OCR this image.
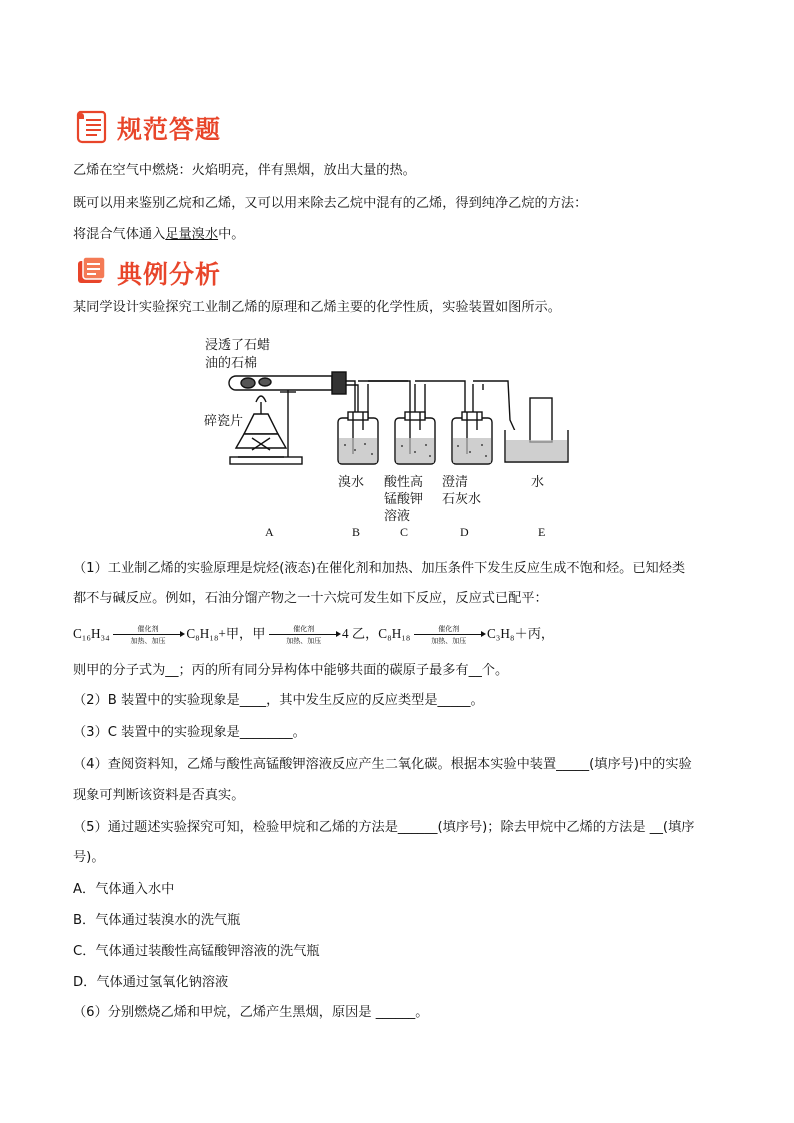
规范答题
乙烯在空气中燃烧：火焰明亮，伴有黑烟，放出大量的热。
既可以用来鉴别乙烷和乙烯，又可以用来除去乙烷中混有的乙烯，得到纯净乙烷的方法：
将混合气体通入足量溴水中。
典例分析
某同学设计实验探究工业制乙烯的原理和乙烯主要的化学性质，实验装置如图所示。
浸透了石蜡
油的石棉
碎瓷片
溴水 酸性高
锰酸钾
溶液
澄清
石灰水
水
A	B	C	D	E
（1）工业制乙烯的实验原理是烷烃(液态)在催化剂和加热、加压条件下发生反应生成不饱和烃。已知烃类
都不与碱反应。例如，石油分馏产物之一十六烷可发生如下反应，反应式已配平：
C₁₆H₃₄	催化剂
加热、加压	C₈H₁₈+甲，甲	催化剂
加热、加压	4 乙，C₈H₁₈	催化剂
加热、加压	C₃H₈＋丙，
则甲的分子式为__；丙的所有同分异构体中能够共面的碳原子最多有__个。
（2）B 装置中的实验现象是____，其中发生反应的反应类型是_____。
（3）C 装置中的实验现象是________。
（4）查阅资料知，乙烯与酸性高锰酸钾溶液反应产生二氧化碳。根据本实验中装置_____(填序号)中的实验
现象可判断该资料是否真实。
（5）通过题述实验探究可知，检验甲烷和乙烯的方法是______(填序号)；除去甲烷中乙烯的方法是 __(填序
号)。
A．气体通入水中
B．气体通过装溴水的洗气瓶
C．气体通过装酸性高锰酸钾溶液的洗气瓶
D．气体通过氢氧化钠溶液
（6）分别燃烧乙烯和甲烷，乙烯产生黑烟，原因是 ______。
